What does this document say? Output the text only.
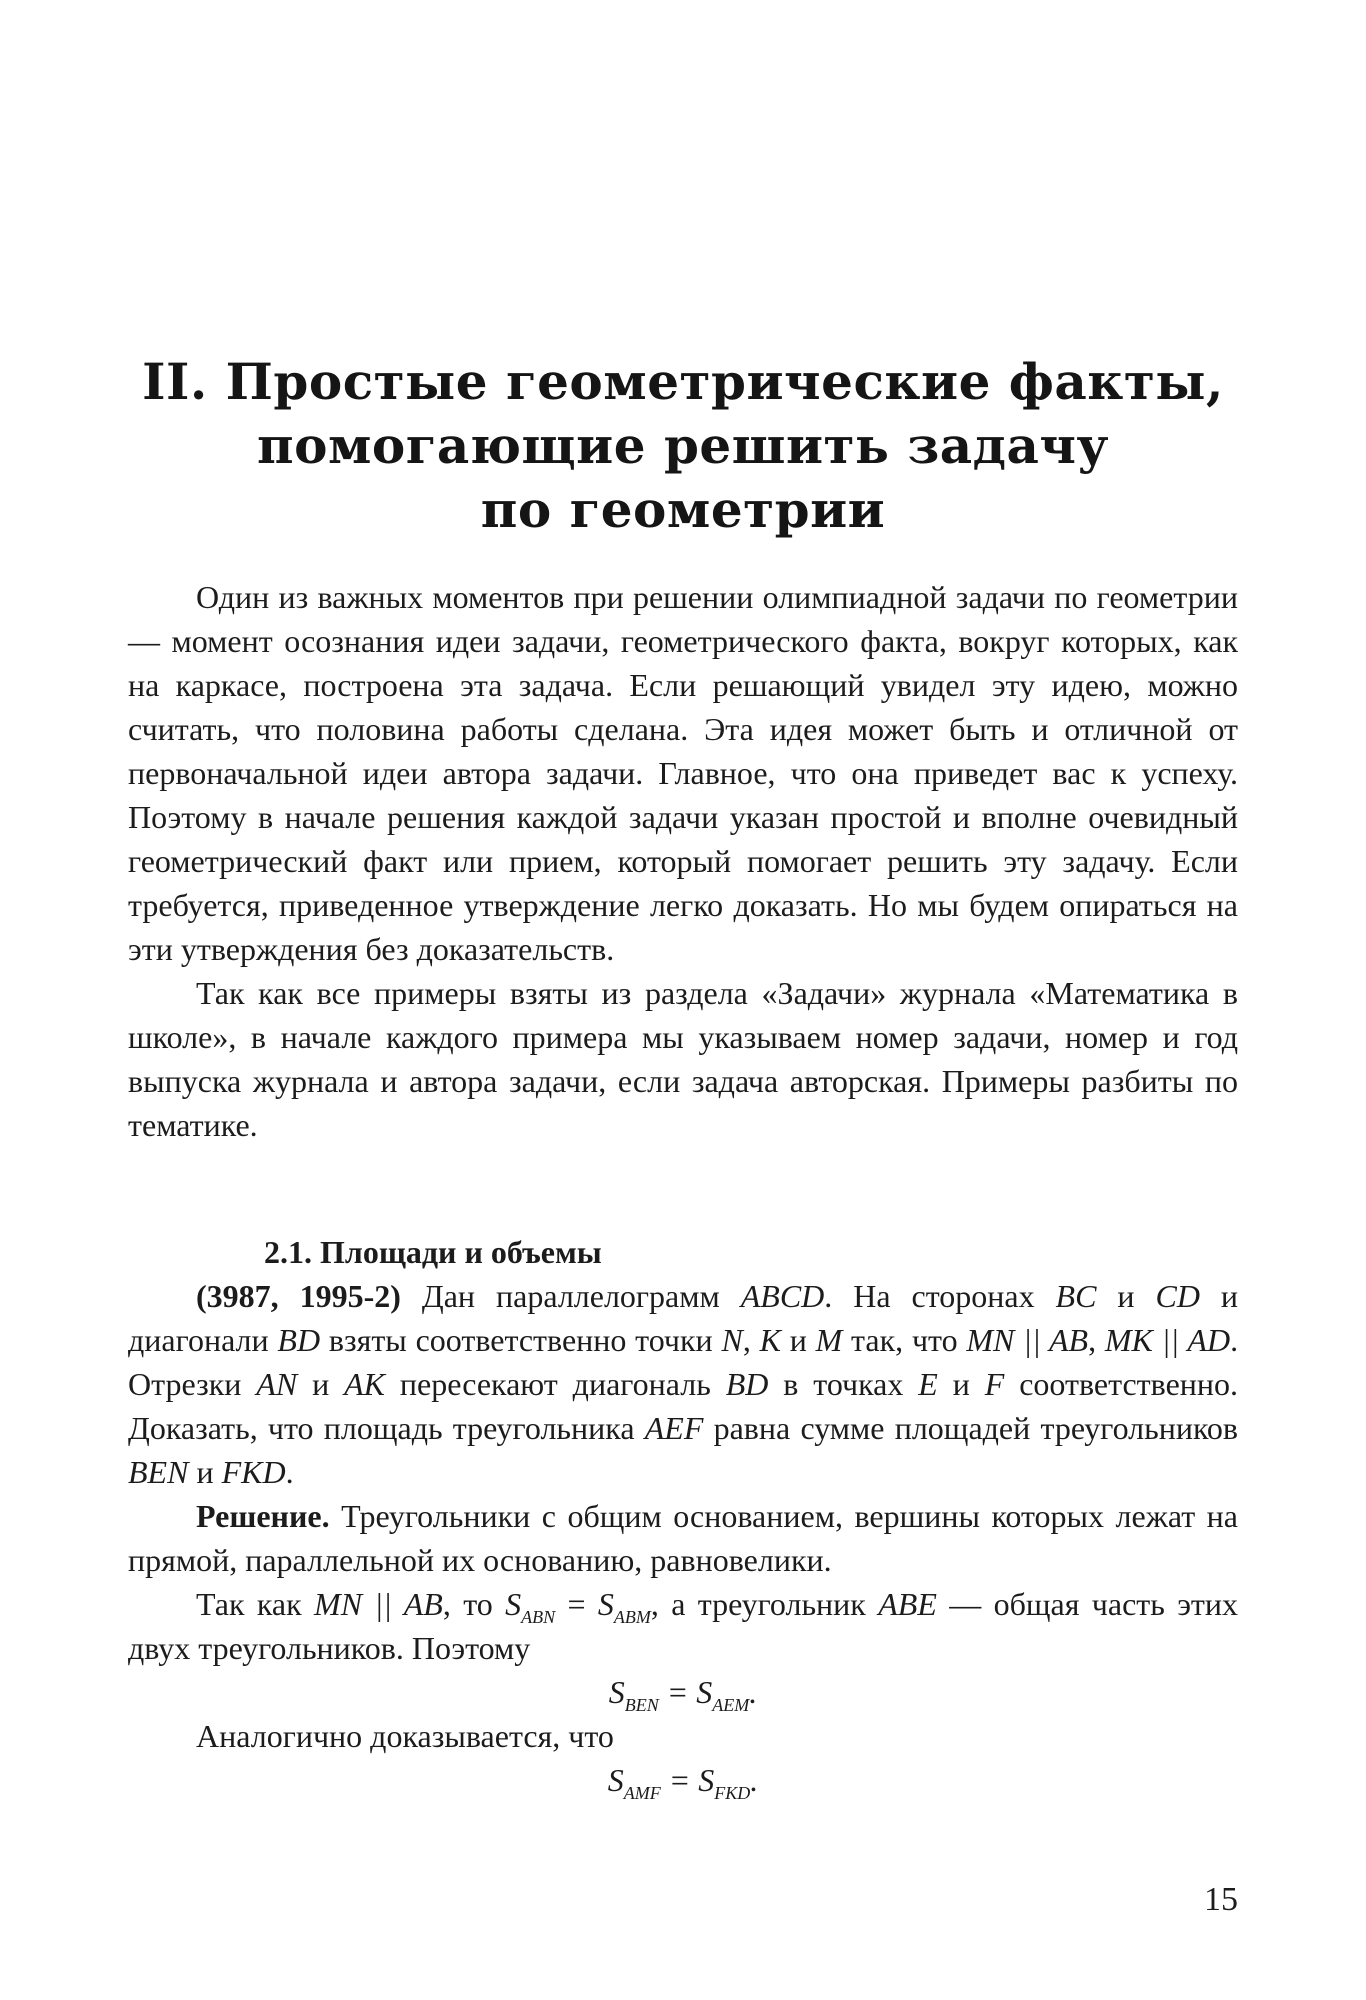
II. Простые геометрические факты,
помогающие решить задачу
по геометрии

Один из важных моментов при решении олимпиадной задачи по геометрии — момент осознания идеи задачи, геометрического факта, вокруг которых, как на каркасе, построена эта задача. Если решающий увидел эту идею, можно считать, что половина работы сделана. Эта идея может быть и отличной от первоначальной идеи автора задачи. Главное, что она приведет вас к успеху. Поэтому в начале решения каждой задачи указан простой и вполне очевидный геометрический факт или прием, который помогает решить эту задачу. Если требуется, приведенное утверждение легко доказать. Но мы будем опираться на эти утверждения без доказательств.

Так как все примеры взяты из раздела «Задачи» журнала «Математика в школе», в начале каждого примера мы указываем номер задачи, номер и год выпуска журнала и автора задачи, если задача авторская. Примеры разбиты по тематике.

2.1. Площади и объемы

(3987, 1995-2) Дан параллелограмм ABCD. На сторонах BC и CD и диагонали BD взяты соответственно точки N, K и M так, что MN || AB, MK || AD. Отрезки AN и AK пересекают диагональ BD в точках E и F соответственно. Доказать, что площадь треугольника AEF равна сумме площадей треугольников BEN и FKD.

Решение. Треугольники с общим основанием, вершины которых лежат на прямой, параллельной их основанию, равновелики.

Так как MN || AB, то $S_{ABN} = S_{ABM}$, а треугольник ABE — общая часть этих двух треугольников. Поэтому

$S_{BEN} = S_{AEM}$.

Аналогично доказывается, что

$S_{AMF} = S_{FKD}$.

15
